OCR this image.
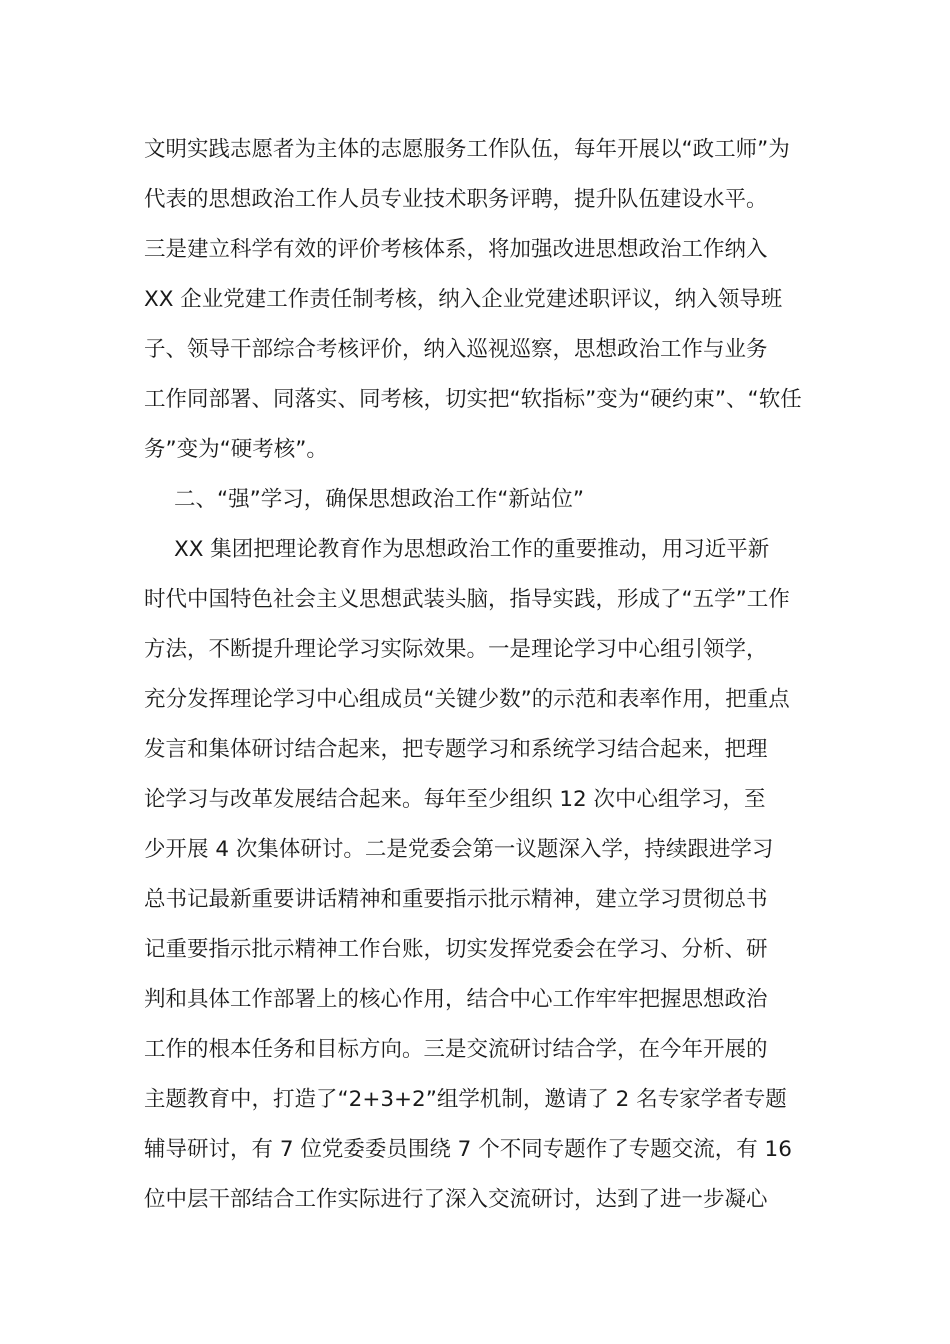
文明实践志愿者为主体的志愿服务工作队伍，每年开展以“政工师”为
代表的思想政治工作人员专业技术职务评聘，提升队伍建设水平。
三是建立科学有效的评价考核体系，将加强改进思想政治工作纳入
XX 企业党建工作责任制考核，纳入企业党建述职评议，纳入领导班
子、领导干部综合考核评价，纳入巡视巡察，思想政治工作与业务
工作同部署、同落实、同考核，切实把“软指标”变为“硬约束”、“软任
务”变为“硬考核”。
二、“强”学习，确保思想政治工作“新站位”
XX 集团把理论教育作为思想政治工作的重要推动，用习近平新
时代中国特色社会主义思想武装头脑，指导实践，形成了“五学”工作
方法，不断提升理论学习实际效果。一是理论学习中心组引领学，
充分发挥理论学习中心组成员“关键少数”的示范和表率作用，把重点
发言和集体研讨结合起来，把专题学习和系统学习结合起来，把理
论学习与改革发展结合起来。每年至少组织 12 次中心组学习，至
少开展 4 次集体研讨。二是党委会第一议题深入学，持续跟进学习
总书记最新重要讲话精神和重要指示批示精神，建立学习贯彻总书
记重要指示批示精神工作台账，切实发挥党委会在学习、分析、研
判和具体工作部署上的核心作用，结合中心工作牢牢把握思想政治
工作的根本任务和目标方向。三是交流研讨结合学，在今年开展的
主题教育中，打造了“2+3+2”组学机制，邀请了 2 名专家学者专题
辅导研讨，有 7 位党委委员围绕 7 个不同专题作了专题交流，有 16
位中层干部结合工作实际进行了深入交流研讨，达到了进一步凝心
